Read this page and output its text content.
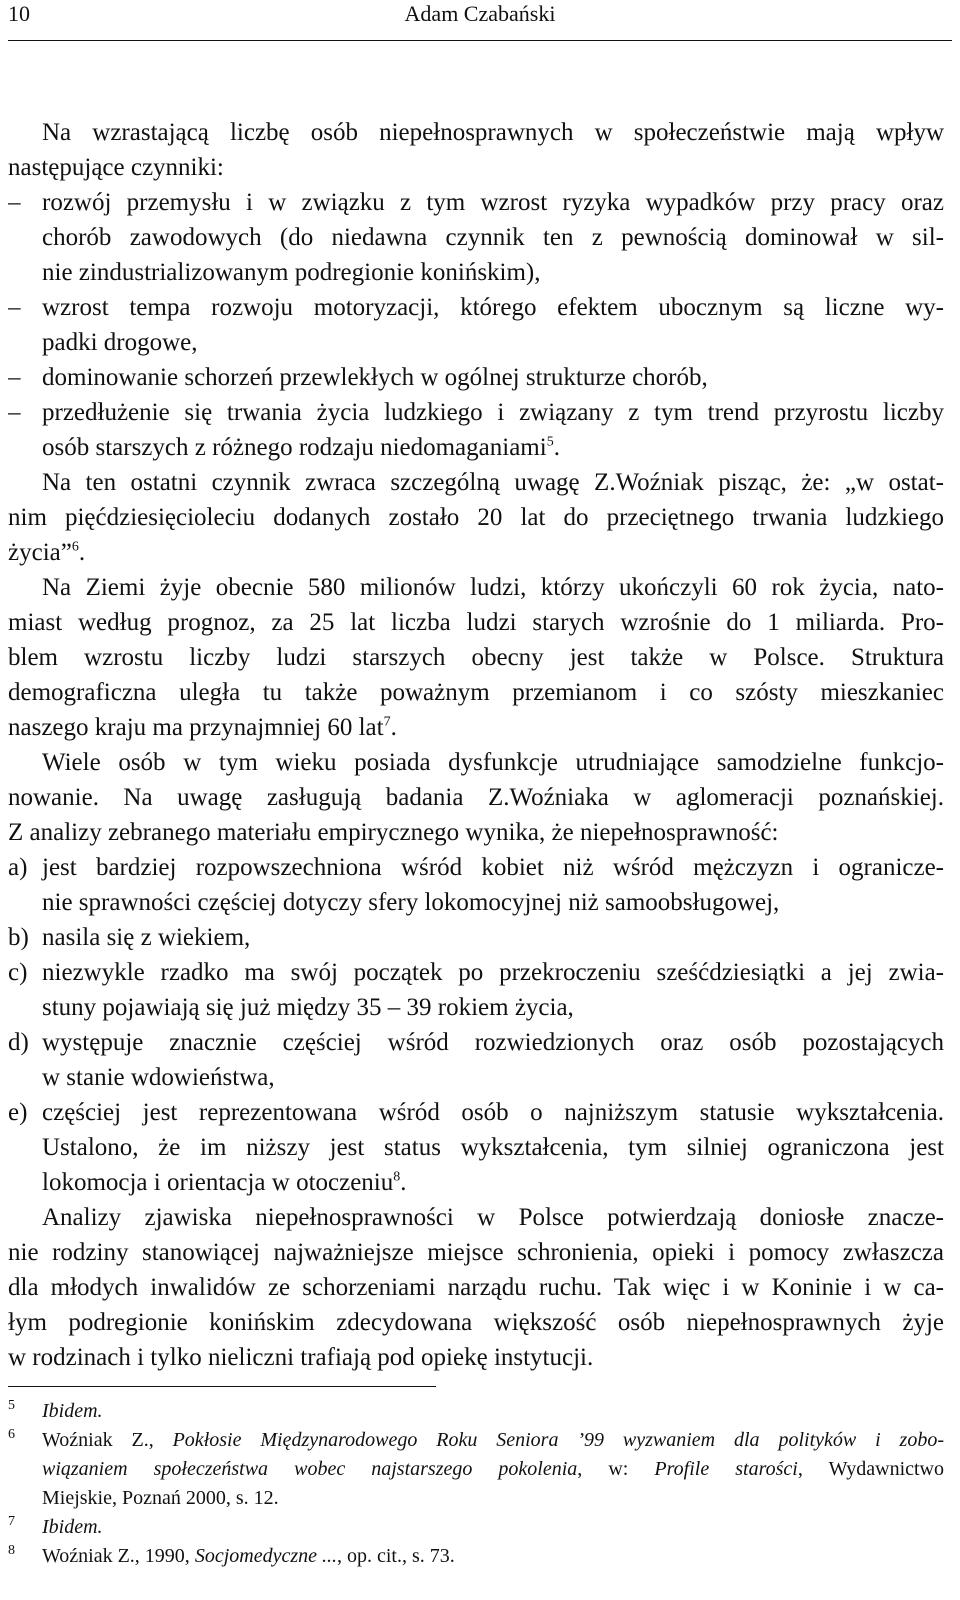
10	Adam Czabański
Na wzrastającą liczbę osób niepełnosprawnych w społeczeństwie mają wpływ
następujące czynniki:
– rozwój przemysłu i w związku z tym wzrost ryzyka wypadków przy pracy oraz
chorób zawodowych (do niedawna czynnik ten z pewnością dominował w sil-
nie zindustrializowanym podregionie konińskim),
– wzrost tempa rozwoju motoryzacji, którego efektem ubocznym są liczne wy-
padki drogowe,
– dominowanie schorzeń przewlekłych w ogólnej strukturze chorób,
– przedłużenie się trwania życia ludzkiego i związany z tym trend przyrostu liczby
osób starszych z różnego rodzaju niedomaganiami$^5$.
Na ten ostatni czynnik zwraca szczególną uwagę Z.Woźniak pisząc, że: „w ostat-
nim pięćdziesięcioleciu dodanych zostało 20 lat do przeciętnego trwania ludzkiego
życia”$^6$.
Na Ziemi żyje obecnie 580 milionów ludzi, którzy ukończyli 60 rok życia, nato-
miast według prognoz, za 25 lat liczba ludzi starych wzrośnie do 1 miliarda. Pro-
blem wzrostu liczby ludzi starszych obecny jest także w Polsce. Struktura
demograficzna uległa tu także poważnym przemianom i co szósty mieszkaniec
naszego kraju ma przynajmniej 60 lat$^7$.
Wiele osób w tym wieku posiada dysfunkcje utrudniające samodzielne funkcjo-
nowanie. Na uwagę zasługują badania Z.Woźniaka w aglomeracji poznańskiej.
Z analizy zebranego materiału empirycznego wynika, że niepełnosprawność:
a) jest bardziej rozpowszechniona wśród kobiet niż wśród mężczyzn i ogranicze-
nie sprawności częściej dotyczy sfery lokomocyjnej niż samoobsługowej,
b) nasila się z wiekiem,
c) niezwykle rzadko ma swój początek po przekroczeniu sześćdziesiątki a jej zwia-
stuny pojawiają się już między 35 – 39 rokiem życia,
d) występuje znacznie częściej wśród rozwiedzionych oraz osób pozostających
w stanie wdowieństwa,
e) częściej jest reprezentowana wśród osób o najniższym statusie wykształcenia.
Ustalono, że im niższy jest status wykształcenia, tym silniej ograniczona jest
lokomocja i orientacja w otoczeniu$^8$.
Analizy zjawiska niepełnosprawności w Polsce potwierdzają doniosłe znacze-
nie rodziny stanowiącej najważniejsze miejsce schronienia, opieki i pomocy zwłaszcza
dla młodych inwalidów ze schorzeniami narządu ruchu. Tak więc i w Koninie i w ca-
łym podregionie konińskim zdecydowana większość osób niepełnosprawnych żyje
w rodzinach i tylko nieliczni trafiają pod opiekę instytucji.
5 Ibidem.
6 Woźniak Z., Pokłosie Międzynarodowego Roku Seniora ’99 wyzwaniem dla polityków i zobo-
wiązaniem społeczeństwa wobec najstarszego pokolenia, w: Profile starości, Wydawnictwo
Miejskie, Poznań 2000, s. 12.
7 Ibidem.
8 Woźniak Z., 1990, Socjomedyczne ..., op. cit., s. 73.
